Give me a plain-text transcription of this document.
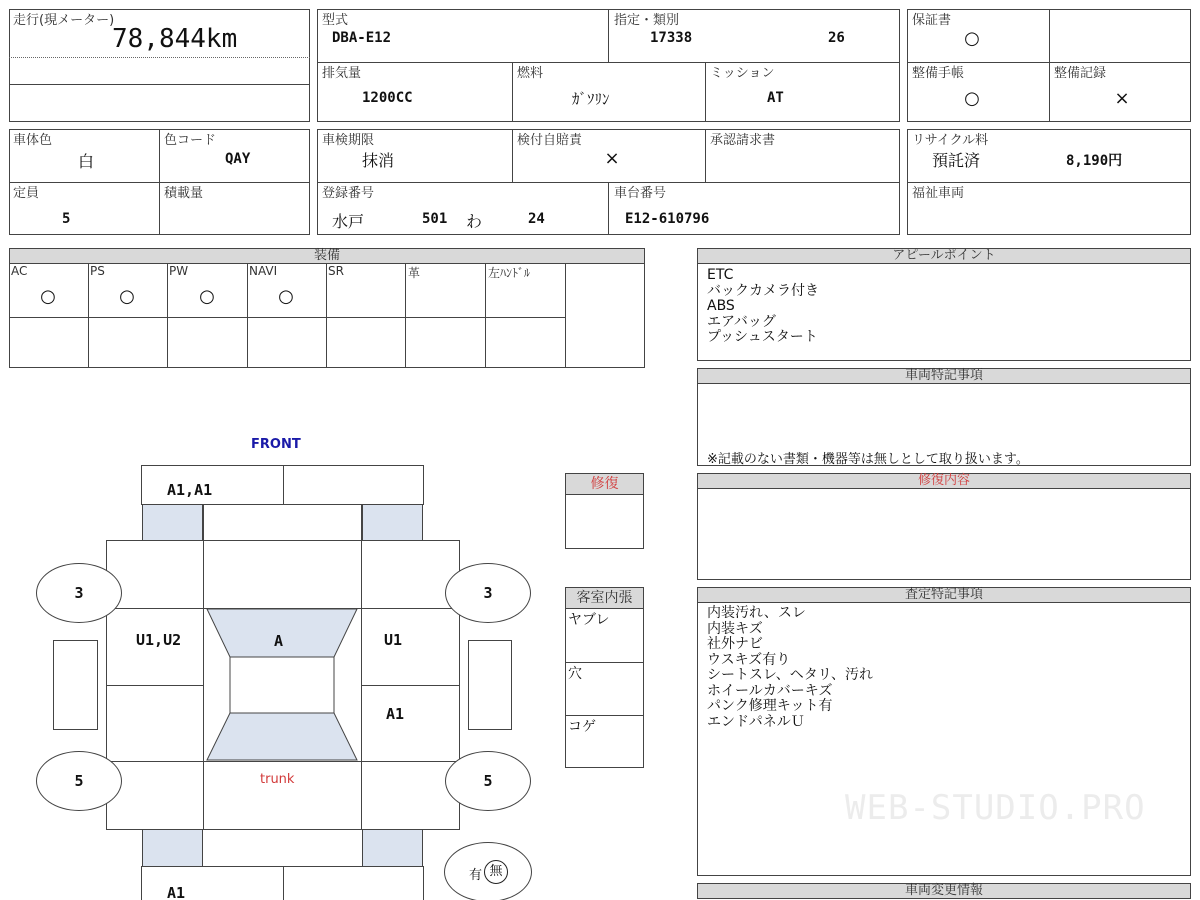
走行(現メーター)
78,844km
型式
DBA-E12
指定・類別
17338	26
排気量
1200CC
燃料
ｶﾞｿﾘﾝ
ミッション
AT
保証書
○
整備手帳
○
整備記録
×
車体色
白
色コード
QAY
定員
5
積載量
車検期限
抹消
検付自賠責
×
承認請求書
登録番号
水戸	501 わ	24
車台番号
E12-610796
リサイクル料
預託済	8,190円
福祉車両
装備
AC
○
PS
○
PW
○
NAVI
○
SR	革	左ﾊﾝﾄﾞﾙ
アピールポイント
ETC
バックカメラ付き
ABS
エアバッグ
プッシュスタート
車両特記事項
※記載のない書類・機器等は無しとして取り扱います。
修復内容
査定特記事項
内装汚れ、スレ
内装キズ
社外ナビ
ウスキズ有り
シートスレ、ヘタリ、汚れ
ホイールカバーキズ
パンク修理キット有
エンドパネルＵ
WEB-STUDIO.PRO
車両変更情報
修復
客室内張
ヤブレ
穴
コゲ
FRONT
A1,A1
U1,U2	A	U1
A1
trunk
3	3
5	5
A1
有 無
